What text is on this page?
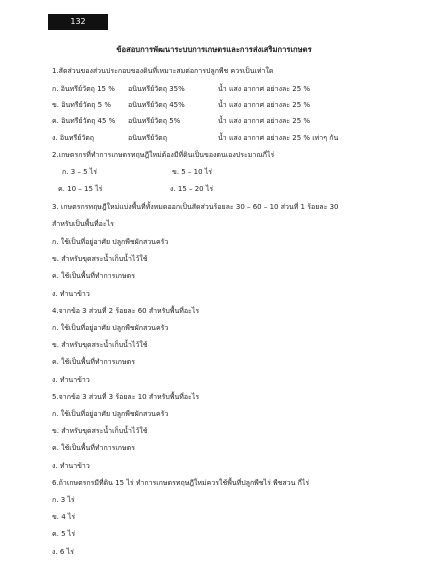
132
ข้อสอบการพัฒนาระบบการเกษตรและการส่งเสริมการเกษตร
1.สัดส่วนของส่วนประกอบของดินที่เหมาะสมต่อการปลูกพืช ควรเป็นเท่าใด
ก. อินทรีย์วัตถุ 15 % อนินทรีย์วัตถุ 35%	น้ำ แสง อากาศ อย่างละ 25 %
ข. อินทรีย์วัตถุ 5 % อนินทรีย์วัตถุ 45%	น้ำ แสง อากาศ อย่างละ 25 %
ค. อินทรีย์วัตถุ 45 % อนินทรีย์วัตถุ 5%	น้ำ แสง อากาศ อย่างละ 25 %
ง. อินทรีย์วัตถุ	อนินทรีย์วัตถุ	น้ำ แสง อากาศ อย่างละ 25 % เท่าๆ กัน
2.เกษตรกรที่ทำการเกษตรทฤษฎีใหม่ต้องมีที่ดินเป็นของตนเองประมาณกี่ไร่
ก. 3 – 5 ไร่	ข. 5 – 10 ไร่
ค. 10 – 15 ไร่	ง. 15 – 20 ไร่
3. เกษตรกรทฤษฎีใหม่แบ่งพื้นที่ทั้งหมดออกเป็นสัดส่วนร้อยละ 30 – 60 – 10 ส่วนที่ 1 ร้อยละ 30
สำหรับเป็นพื้นที่อะไร
ก. ใช้เป็นที่อยู่อาศัย ปลูกพืชผักสวนครัว
ข. สำหรับขุดสระน้ำเก็บน้ำไว้ใช้
ค. ใช้เป็นพื้นที่ทำการเกษตร
ง. ทำนาข้าว
4.จากข้อ 3 ส่วนที่ 2 ร้อยละ 60 สำหรับพื้นที่อะไร
ก. ใช้เป็นที่อยู่อาศัย ปลูกพืชผักสวนครัว
ข. สำหรับขุดสระน้ำเก็บน้ำไว้ใช้
ค. ใช้เป็นพื้นที่ทำการเกษตร
ง. ทำนาข้าว
5.จากข้อ 3 ส่วนที่ 3 ร้อยละ 10 สำหรับพื้นที่อะไร
ก. ใช้เป็นที่อยู่อาศัย ปลูกพืชผักสวนครัว
ข. สำหรับขุดสระน้ำเก็บน้ำไว้ใช้
ค. ใช้เป็นพื้นที่ทำการเกษตร
ง. ทำนาข้าว
6.ถ้าเกษตรกรมีที่ดิน 15 ไร่ ทำการเกษตรทฤษฎีใหม่ควรใช้พื้นที่ปลูกพืชไร่ พืชสวน กี่ไร่
ก. 3 ไร่
ข. 4 ไร่
ค. 5 ไร่
ง. 6 ไร่
